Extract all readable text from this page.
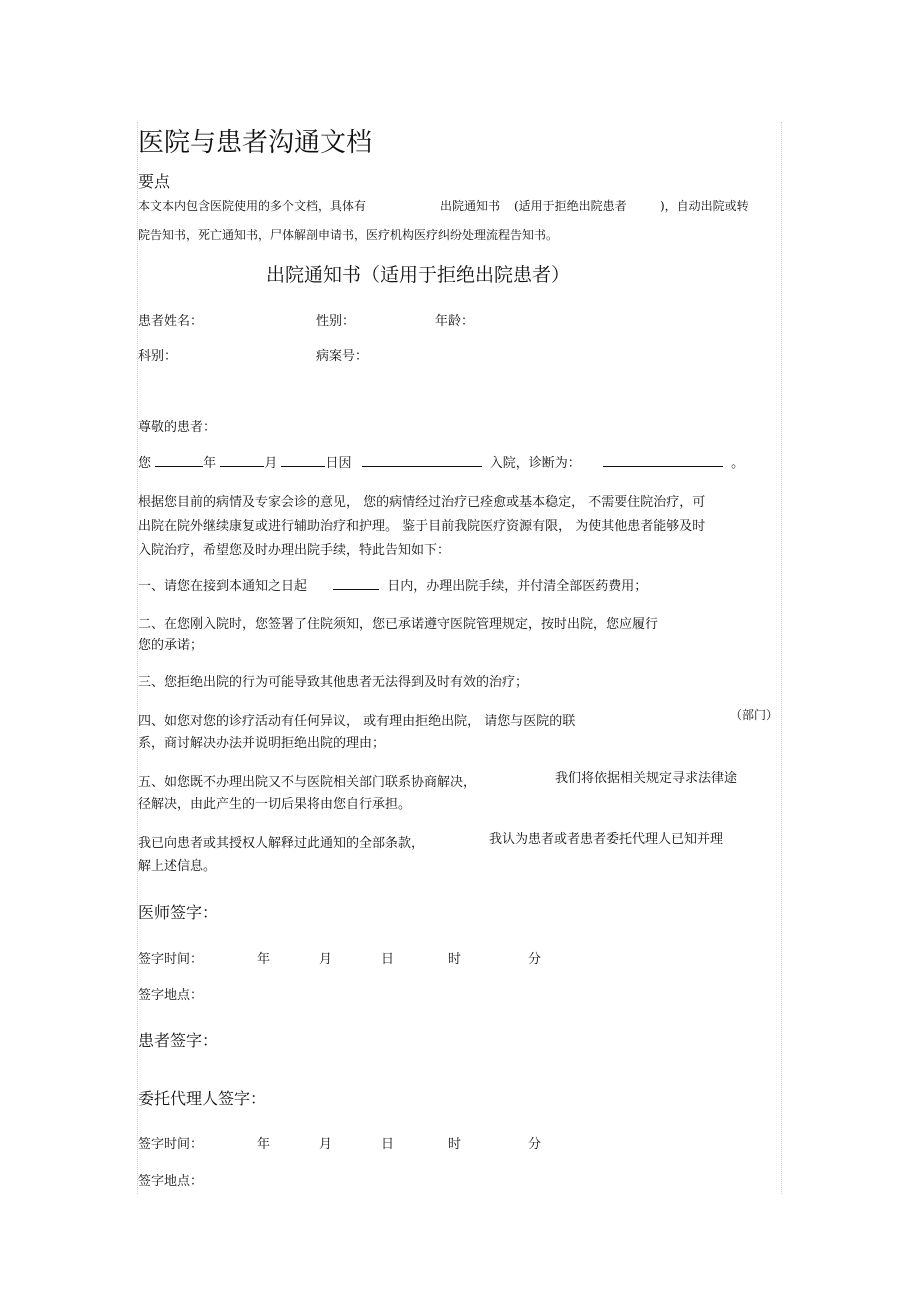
医院与患者沟通文档
要点
本文本内包含医院使用的多个文档，具体有	出院通知书 (适用于拒绝出院患者	)，自动出院或转
院告知书，死亡通知书，尸体解剖申请书，医疗机构医疗纠纷处理流程告知书。
出院通知书（适用于拒绝出院患者）
患者姓名：	性别：	年龄：
科别：	病案号：
尊敬的患者：
您	年	月	日因	入院，诊断为：	。
根据您目前的病情及专家会诊的意见， 您的病情经过治疗已痊愈或基本稳定， 不需要住院治疗，可
出院在院外继续康复或进行辅助治疗和护理。 鉴于目前我院医疗资源有限， 为使其他患者能够及时
入院治疗，希望您及时办理出院手续，特此告知如下：
一、请您在接到本通知之日起	日内，办理出院手续，并付清全部医药费用；
二、在您刚入院时，您签署了住院须知，您已承诺遵守医院管理规定，按时出院，您应履行
您的承诺；
三、您拒绝出院的行为可能导致其他患者无法得到及时有效的治疗；
四、如您对您的诊疗活动有任何异议， 或有理由拒绝出院， 请您与医院的联	（部门）
系，商讨解决办法并说明拒绝出院的理由；
五、如您既不办理出院又不与医院相关部门联系协商解决，	我们将依据相关规定寻求法律途
径解决，由此产生的一切后果将由您自行承担。
我已向患者或其授权人解释过此通知的全部条款，	我认为患者或者患者委托代理人已知并理
解上述信息。
医师签字：
签字时间：	年	月	日	时	分
签字地点：
患者签字：
委托代理人签字：
签字时间：	年	月	日	时	分
签字地点：
